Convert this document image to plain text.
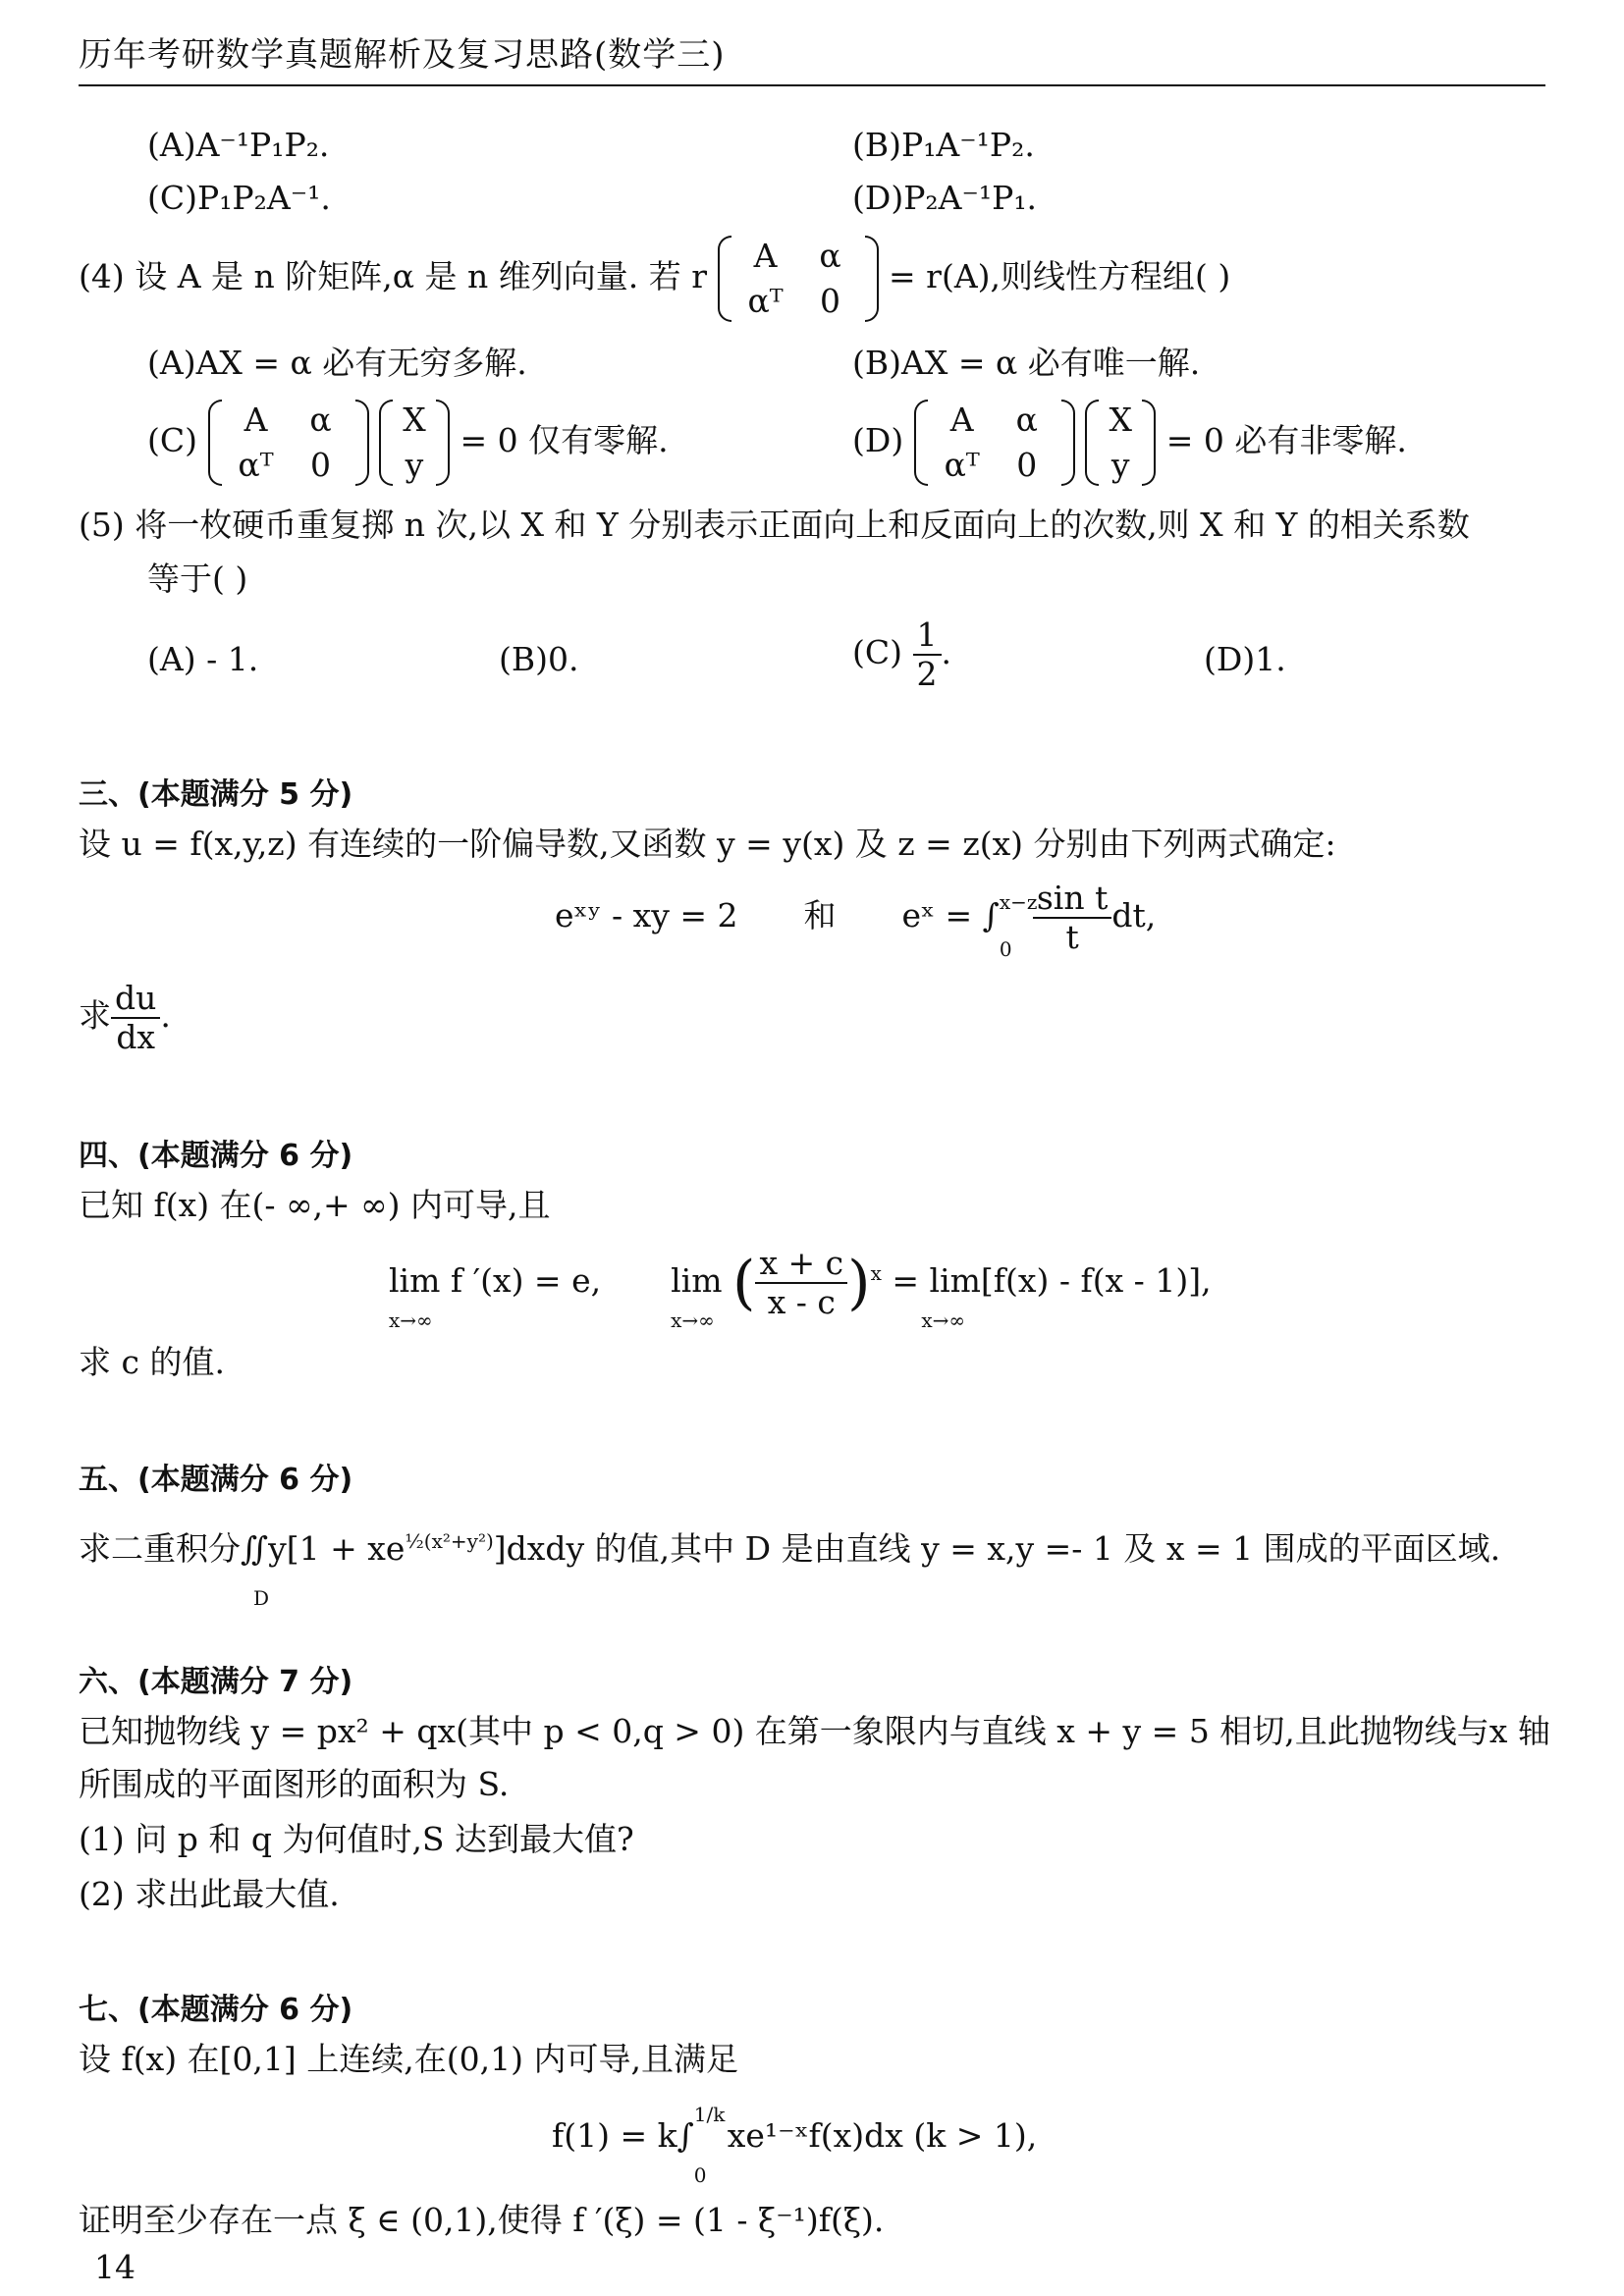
历年考研数学真题解析及复习思路(数学三)
(A)A⁻¹P₁P₂.	(B)P₁A⁻¹P₂.
(C)P₁P₂A⁻¹.	(D)P₂A⁻¹P₁.
(4) 设 A 是 n 阶矩阵,α 是 n 维列向量. 若 r
A α
αᵀ 0
= r(A),则线性方程组( )
(A)AX = α 必有无穷多解.	(B)AX = α 必有唯一解.
(C)
A α
αᵀ 0

X
y
= 0 仅有零解.	(D)
A α
αᵀ 0

X
y
= 0 必有非零解.
(5) 将一枚硬币重复掷 n 次,以 X 和 Y 分别表示正面向上和反面向上的次数,则 X 和 Y 的相关系数
等于( )
(A) - 1.	(B)0.	$(C) \frac{1}{2}$ .	(D)1.
三、(本题满分 5 分)
设 u = f(x,y,z) 有连续的一阶偏导数,又函数 y = y(x) 及 z = z(x) 分别由下列两式确定:
eˣʸ - xy = 2 和 eˣ = ∫ x−z
$0 \frac{\text{sin t}}{t}$ dt,
求 $\frac{du}{dx}$ .
四、(本题满分 6 分)
已知 f(x) 在(- ∞,+ ∞) 内可导,且
lim f ′(x) = e,
x→∞
lim
x→∞
( $\frac{x + c}{x - c} )^x = \lim[f(x) - f(x - 1)]$,
x→∞
求 c 的值.
五、(本题满分 6 分)
求二重积分∬
D
$y[1 + xe^{\frac{1}{2}(x^2+y^2)}]dxdy$ 的值,其中 D 是由直线 y = x,y =- 1 及 x = 1 围成的平面区域.
六、(本题满分 7 分)
已知抛物线 y = px² + qx(其中 p < 0,q > 0) 在第一象限内与直线 x + y = 5 相切,且此抛物线与x 轴
所围成的平面图形的面积为 S.
(1) 问 p 和 q 为何值时,S 达到最大值?
(2) 求出此最大值.
七、(本题满分 6 分)
设 f(x) 在[0,1] 上连续,在(0,1) 内可导,且满足
f(1) = k∫
1/k
0
xe¹⁻ˣf(x)dx (k > 1),
证明至少存在一点 ξ ∈ (0,1),使得 f ′(ξ) = (1 - ξ⁻¹)f(ξ).
14
